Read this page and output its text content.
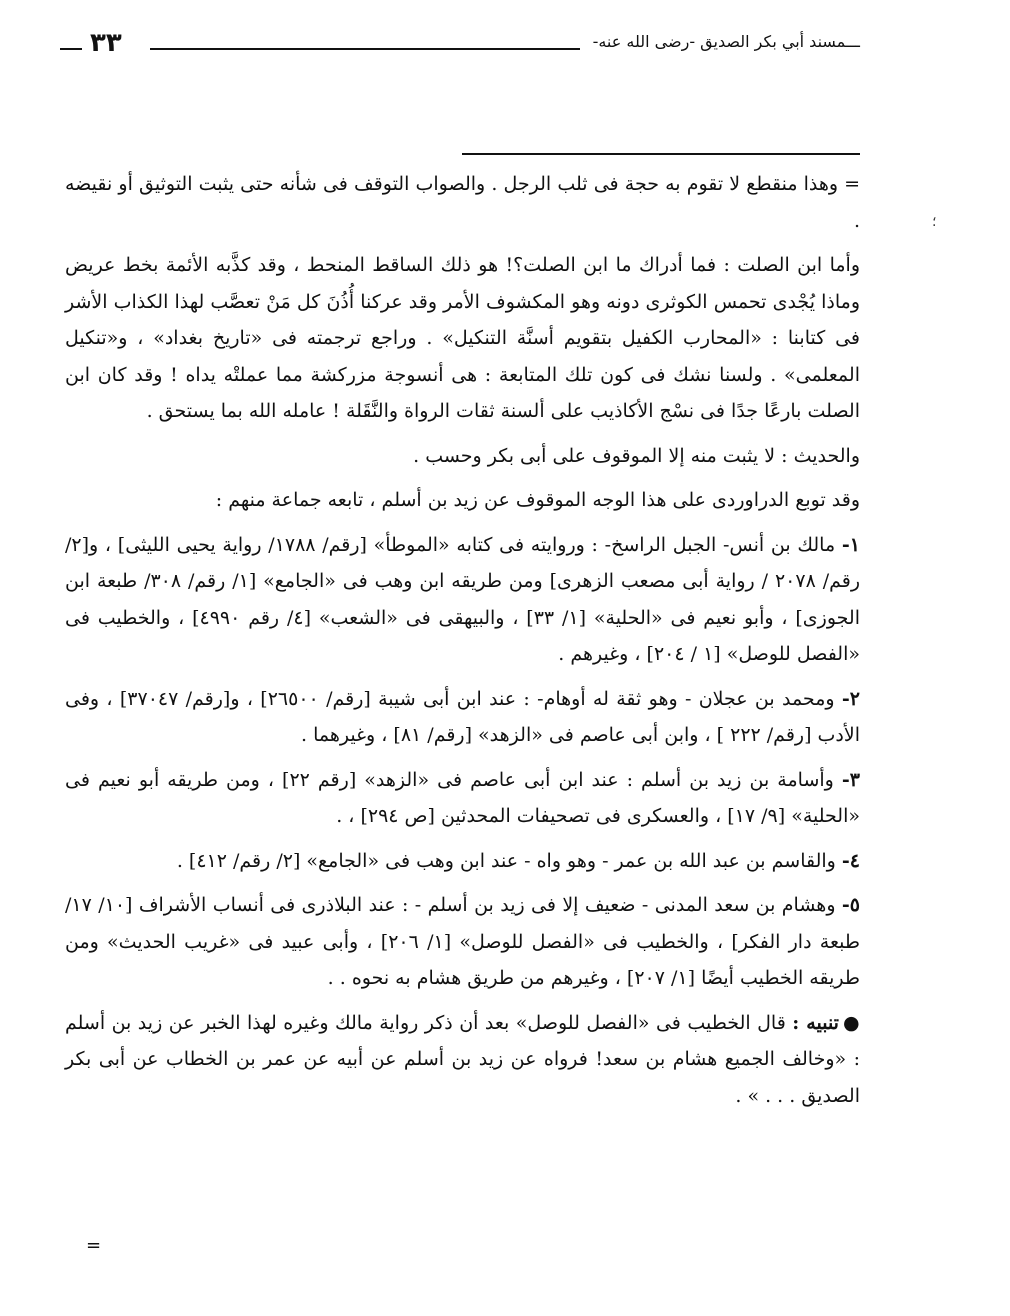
ـــمسند أبي بكر الصديق -رضى الله عنه-
٣٣
؛
=

=وهذا منقطع لا تقوم به حجة فى ثلب الرجل . والصواب التوقف فى شأنه حتى يثبت التوثيق أو نقيضه .

وأما ابن الصلت : فما أدراك ما ابن الصلت؟! هو ذلك الساقط المنحط ، وقد كذَّبه الأئمة بخط عريض وماذا يُجْدى تحمس الكوثرى دونه وهو المكشوف الأمر وقد عركنا أُذُنَ كل مَنْ تعصَّب لهذا الكذاب الأشر فى كتابنا : «المحارب الكفيل بتقويم أسنَّة التنكيل» . وراجع ترجمته فى «تاريخ بغداد» ، و«تنكيل المعلمى» . ولسنا نشك فى كون تلك المتابعة : هى أنسوجة مزركشة مما عملتْه يداه ! وقد كان ابن الصلت بارعًا جدًا فى نسْج الأكاذيب على ألسنة ثقات الرواة والنَّقَلة ! عامله الله بما يستحق .

والحديث : لا يثبت منه إلا الموقوف على أبى بكر وحسب .

وقد توبع الدراوردى على هذا الوجه الموقوف عن زيد بن أسلم ، تابعه جماعة منهم :

١- مالك بن أنس- الجبل الراسخ- : وروايته فى كتابه «الموطأ» [رقم/ ١٧٨٨/ رواية يحيى الليثى] ، و[٢/ رقم/ ٢٠٧٨ / رواية أبى مصعب الزهرى] ومن طريقه ابن وهب فى «الجامع» [١/ رقم/ ٣٠٨/ طبعة ابن الجوزى] ، وأبو نعيم فى «الحلية» [١/ ٣٣] ، والبيهقى فى «الشعب» [٤/ رقم ٤٩٩٠] ، والخطيب فى «الفصل للوصل» [١ / ٢٠٤] ، وغيرهم .

٢- ومحمد بن عجلان - وهو ثقة له أوهام- : عند ابن أبى شيبة [رقم/ ٢٦٥٠٠] ، و[رقم/ ٣٧٠٤٧] ، وفى الأدب [رقم/ ٢٢٢ ] ، وابن أبى عاصم فى «الزهد» [رقم/ ٨١] ، وغيرهما .

٣- وأسامة بن زيد بن أسلم : عند ابن أبى عاصم فى «الزهد» [رقم ٢٢] ، ومن طريقه أبو نعيم فى «الحلية» [٩/ ١٧] ، والعسكرى فى تصحيفات المحدثين [ص ٢٩٤] ، .

٤- والقاسم بن عبد الله بن عمر - وهو واه - عند ابن وهب فى «الجامع» [٢/ رقم/ ٤١٢] .

٥- وهشام بن سعد المدنى - ضعيف إلا فى زيد بن أسلم - : عند البلاذرى فى أنساب الأشراف [١٠/ ١٧/ طبعة دار الفكر] ، والخطيب فى «الفصل للوصل» [١/ ٢٠٦] ، وأبى عبيد فى «غريب الحديث» ومن طريقه الخطيب أيضًا [١/ ٢٠٧] ، وغيرهم من طريق هشام به نحوه . .

●تنبيه : قال الخطيب فى «الفصل للوصل» بعد أن ذكر رواية مالك وغيره لهذا الخبر عن زيد بن أسلم : «وخالف الجميع هشام بن سعد! فرواه عن زيد بن أسلم عن أبيه عن عمر بن الخطاب عن أبى بكر الصديق . . . » .
